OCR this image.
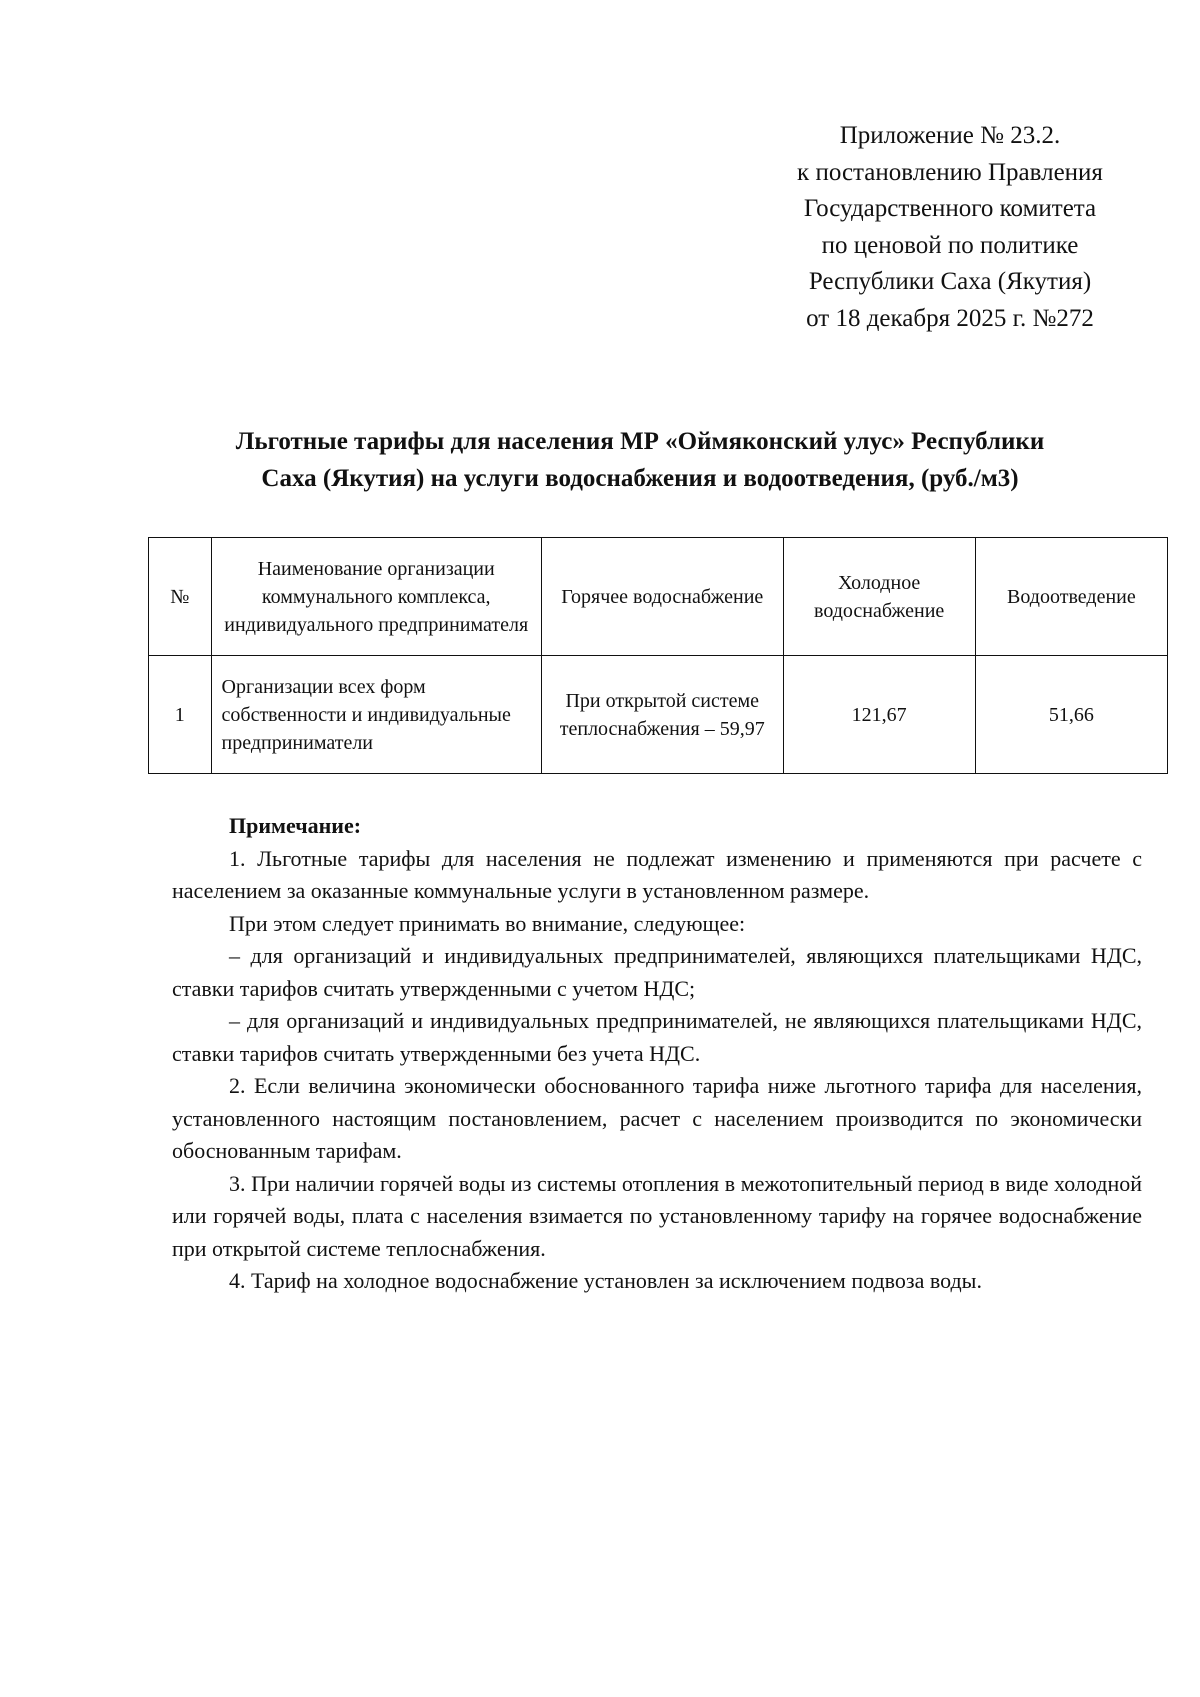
Приложение № 23.2.
к постановлению Правления
Государственного комитета
по ценовой по политике
Республики Саха (Якутия)
от 18 декабря 2025 г. №272
Льготные тарифы для населения МР «Оймяконский улус» Республики
Саха (Якутия) на услуги водоснабжения и водоотведения, (руб./м3)
№	Наименование организации коммунального комплекса, индивидуального предпринимателя	Горячее водоснабжение	Холодное водоснабжение	Водоотведение
1	Организации всех форм собственности и индивидуальные предприниматели	При открытой системе теплоснабжения – 59,97	121,67	51,66
Примечание:

1. Льготные тарифы для населения не подлежат изменению и применяются при расчете с населением за оказанные коммунальные услуги в установленном размере.

При этом следует принимать во внимание, следующее:

– для организаций и индивидуальных предпринимателей, являющихся плательщиками НДС, ставки тарифов считать утвержденными с учетом НДС;

– для организаций и индивидуальных предпринимателей, не являющихся плательщиками НДС, ставки тарифов считать утвержденными без учета НДС.

2. Если величина экономически обоснованного тарифа ниже льготного тарифа для населения, установленного настоящим постановлением, расчет с населением производится по экономически обоснованным тарифам.

3. При наличии горячей воды из системы отопления в межотопительный период в виде холодной или горячей воды, плата с населения взимается по установленному тарифу на горячее водоснабжение при открытой системе теплоснабжения.

4. Тариф на холодное водоснабжение установлен за исключением подвоза воды.
